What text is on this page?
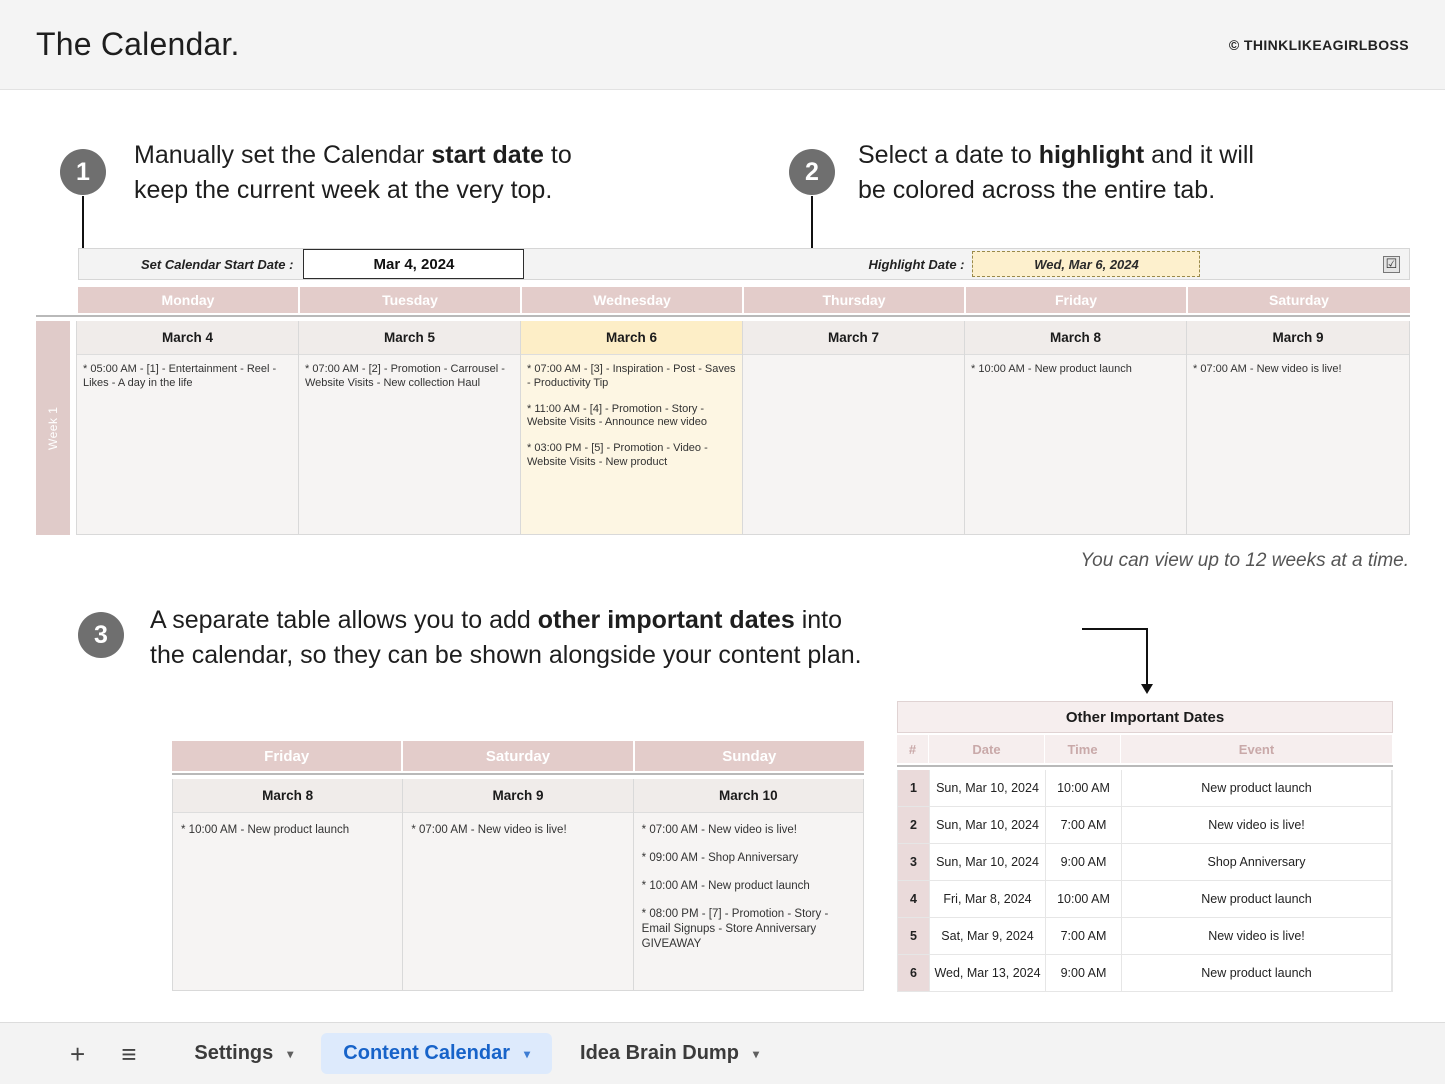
The Calendar.	© THINKLIKEAGIRLBOSS
1
Manually set the Calendar start date to
keep the current week at the very top.
2
Select a date to highlight and it will
be colored across the entire tab.
Set Calendar Start Date :	Mar 4, 2024	Highlight Date :	Wed, Mar 6, 2024	☑
Monday	Tuesday	Wednesday	Thursday	Friday	Saturday
Week 1
March 4
* 05:00 AM - [1] - Entertainment - Reel - Likes - A day in the life
March 5
* 07:00 AM - [2] - Promotion - Carrousel - Website Visits - New collection Haul
March 6
* 07:00 AM - [3] - Inspiration - Post - Saves - Productivity Tip
* 11:00 AM - [4] - Promotion - Story - Website Visits - Announce new video
* 03:00 PM - [5] - Promotion - Video - Website Visits - New product
March 7	March 8
* 10:00 AM - New product launch
March 9
* 07:00 AM - New video is live!
You can view up to 12 weeks at a time.
3
A separate table allows you to add other important dates into
the calendar, so they can be shown alongside your content plan.
Friday	Saturday	Sunday
March 8
* 10:00 AM - New product launch
March 9
* 07:00 AM - New video is live!
March 10
* 07:00 AM - New video is live!
* 09:00 AM - Shop Anniversary
* 10:00 AM - New product launch
* 08:00 PM - [7] - Promotion - Story - Email Signups - Store Anniversary GIVEAWAY
Other Important Dates
#	Date	Time	Event
1	Sun, Mar 10, 2024	10:00 AM	New product launch
2	Sun, Mar 10, 2024	7:00 AM	New video is live!
3	Sun, Mar 10, 2024	9:00 AM	Shop Anniversary
4	Fri, Mar 8, 2024	10:00 AM	New product launch
5	Sat, Mar 9, 2024	7:00 AM	New video is live!
6	Wed, Mar 13, 2024	9:00 AM	New product launch
+ ≡	Settings ▾	Content Calendar ▾	Idea Brain Dump ▾
